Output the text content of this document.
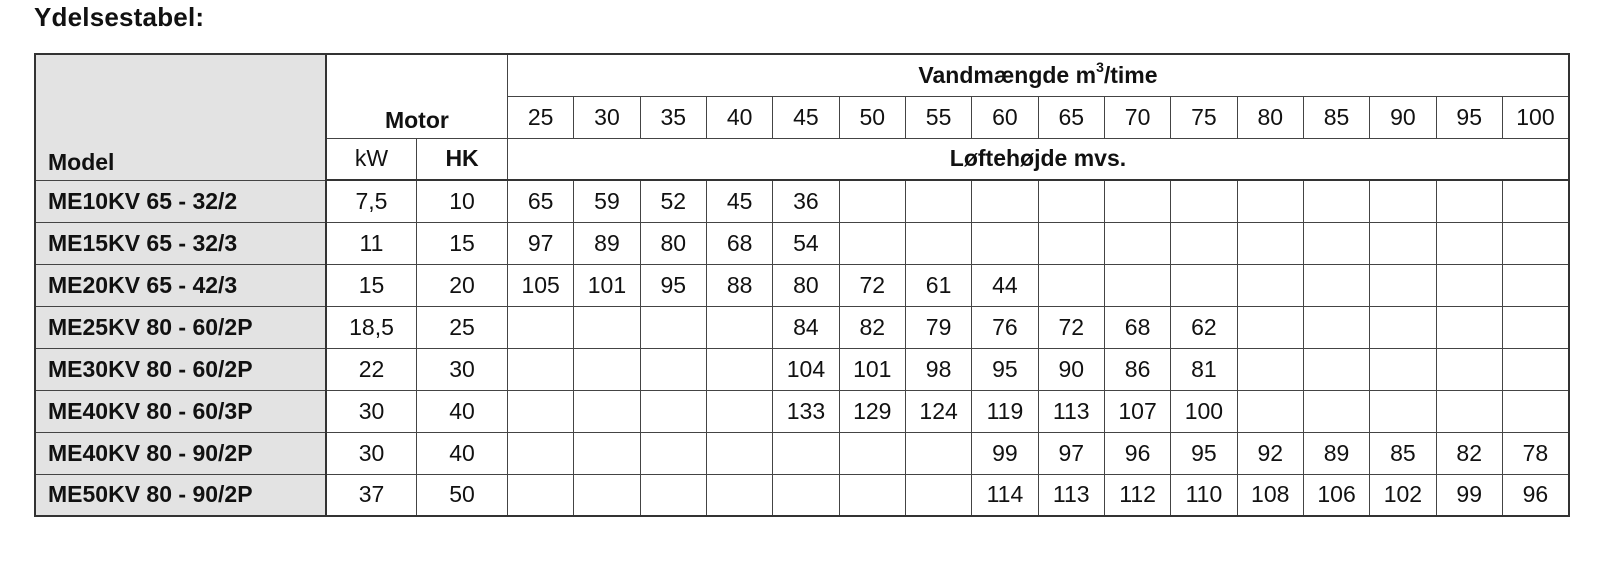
Ydelsestabel:
Model	Motor		Vandmængde $m^3$/time															
			25	30	35	40	45	50	55	60	65	70	75	80	85	90	95	100
	kW	HK	Løftehøjde mvs.															
ME10KV 65 - 32/2	7,5	10	65	59	52	45	36											
ME15KV 65 - 32/3	11	15	97	89	80	68	54											
ME20KV 65 - 42/3	15	20	105	101	95	88	80	72	61	44								
ME25KV 80 - 60/2P	18,5	25					84	82	79	76	72	68	62					
ME30KV 80 - 60/2P	22	30					104	101	98	95	90	86	81					
ME40KV 80 - 60/3P	30	40					133	129	124	119	113	107	100					
ME40KV 80 - 90/2P	30	40								99	97	96	95	92	89	85	82	78
ME50KV 80 - 90/2P	37	50								114	113	112	110	108	106	102	99	96
